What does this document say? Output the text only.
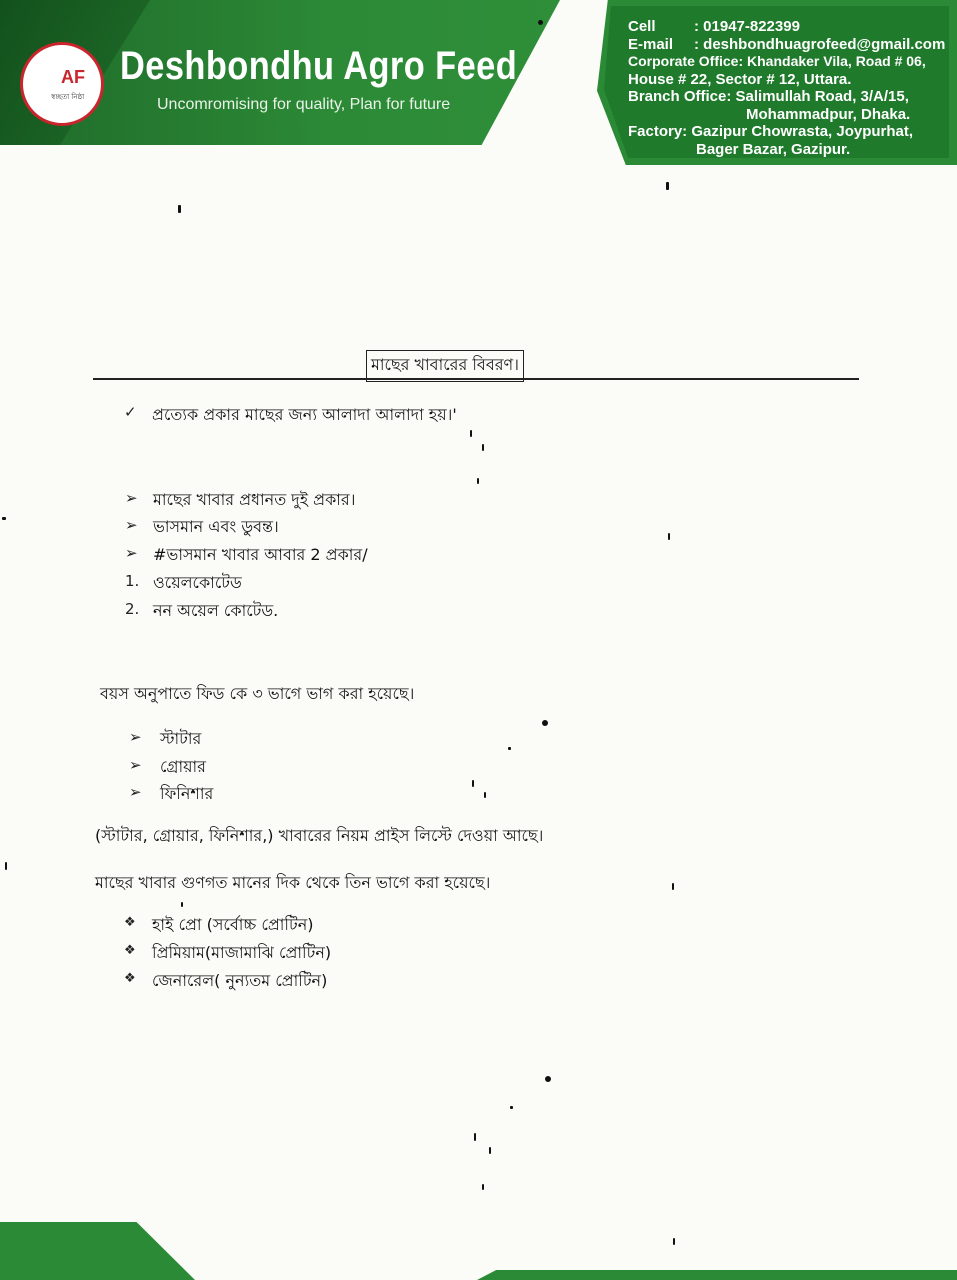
AF
স্বচ্ছতা নিষ্ঠা
Deshbondhu Agro Feed
Uncomromising for quality, Plan for future
Cell	: 01947-822399
E-mail	: deshbondhuagrofeed@gmail.com
Corporate Office: Khandaker Vila, Road # 06,
House # 22, Sector # 12, Uttara.
Branch Office: Salimullah Road, 3/A/15,
Mohammadpur, Dhaka.
Factory: Gazipur Chowrasta, Joypurhat,
Bager Bazar, Gazipur.
মাছের খাবারের বিবরণ।
✓ প্রত্যেক প্রকার মাছের জন্য আলাদা আলাদা হয়।'
➢ মাছের খাবার প্রধানত দুই প্রকার।
➢ ভাসমান এবং ডুবন্ত।
➢ #ভাসমান খাবার আবার 2 প্রকার/
1. ওয়েলকোটেড
2. নন অয়েল কোটেড.
বয়স অনুপাতে ফিড কে ৩ ভাগে ভাগ করা হয়েছে।
➢ স্টাটার
➢ গ্রোয়ার
➢ ফিনিশার
(স্টাটার, গ্রোয়ার, ফিনিশার,) খাবারের নিয়ম প্রাইস লিস্টে দেওয়া আছে।
মাছের খাবার গুণগত মানের দিক থেকে তিন ভাগে করা হয়েছে।
❖ হাই প্রো (সর্বোচ্চ প্রোটিন)
❖ প্রিমিয়াম(মাজামাঝি প্রোটিন)
❖ জেনারেল( নুন্যতম প্রোটিন)
